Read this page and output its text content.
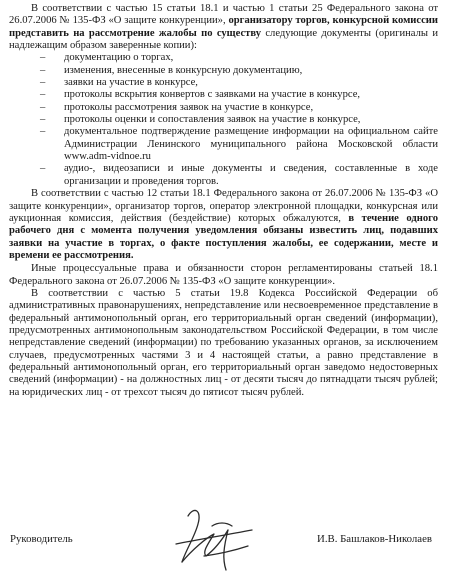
В соответствии с частью 15 статьи 18.1 и частью 1 статьи 25 Федерального закона от 26.07.2006 № 135-ФЗ «О защите конкуренции», организатору торгов, конкурсной комиссии представить на рассмотрение жалобы по существу следующие документы (оригиналы и надлежащим образом заверенные копии):

– документацию о торгах,
– изменения, внесенные в конкурсную документацию,
– заявки на участие в конкурсе,
– протоколы вскрытия конвертов с заявками на участие в конкурсе,
– протоколы рассмотрения заявок на участие в конкурсе,
– протоколы оценки и сопоставления заявок на участие в конкурсе,
– документальное подтверждение размещение информации на официальном сайте Администрации Ленинского муниципального района Московской области www.adm-vidnoe.ru
– аудио-, видеозаписи и иные документы и сведения, составленные в ходе организации и проведения торгов.

В соответствии с частью 12 статьи 18.1 Федерального закона от 26.07.2006 № 135-ФЗ «О защите конкуренции», организатор торгов, оператор электронной площадки, конкурсная или аукционная комиссия, действия (бездействие) которых обжалуются, в течение одного рабочего дня с момента получения уведомления обязаны известить лиц, подавших заявки на участие в торгах, о факте поступления жалобы, ее содержании, месте и времени ее рассмотрения.

Иные процессуальные права и обязанности сторон регламентированы статьей 18.1 Федерального закона от 26.07.2006 № 135-ФЗ «О защите конкуренции».

В соответствии с частью 5 статьи 19.8 Кодекса Российской Федерации об административных правонарушениях, непредставление или несвоевременное представление в федеральный антимонопольный орган, его территориальный орган сведений (информации), предусмотренных антимонопольным законодательством Российской Федерации, в том числе непредставление сведений (информации) по требованию указанных органов, за исключением случаев, предусмотренных частями 3 и 4 настоящей статьи, а равно представление в федеральный антимонопольный орган, его территориальный орган заведомо недостоверных сведений (информации) - на должностных лиц - от десяти тысяч до пятнадцати тысяч рублей; на юридических лиц - от трехсот тысяч до пятисот тысяч рублей.

Руководитель	И.В. Башлаков-Николаев
